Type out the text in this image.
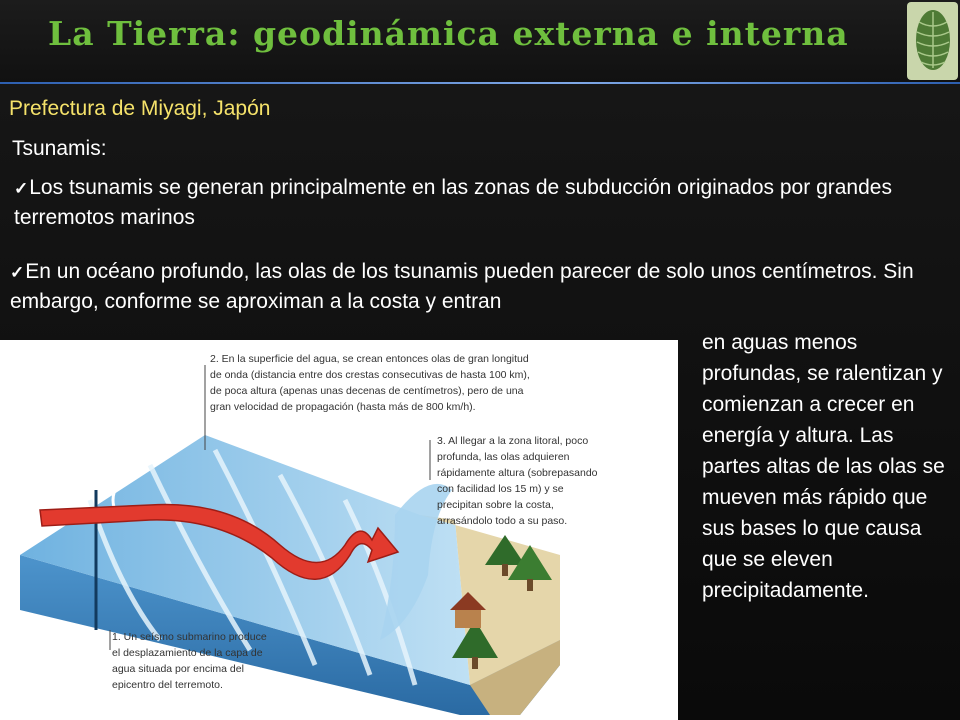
La Tierra: geodinámica externa e interna
Prefectura de Miyagi, Japón
Tsunamis:
✓Los tsunamis se generan principalmente en las zonas de subducción originados por grandes terremotos marinos
✓En un océano profundo, las olas de los tsunamis pueden parecer de solo unos centímetros. Sin embargo, conforme se aproximan a la costa y entran
en aguas menos profundas, se ralentizan y comienzan a crecer en energía y altura. Las partes altas de las olas se mueven más rápido que sus bases lo que causa que se eleven precipitadamente.
2. En la superficie del agua, se crean entonces olas de gran longitud de onda (distancia entre dos crestas consecutivas de hasta 100 km), de poca altura (apenas unas decenas de centímetros), pero de una gran velocidad de propagación (hasta más de 800 km/h).
3. Al llegar a la zona litoral, poco profunda, las olas adquieren rápidamente altura (sobrepasando con facilidad los 15 m) y se precipitan sobre la costa, arrasándolo todo a su paso.
1. Un seísmo submarino produce el desplazamiento de la capa de agua situada por encima del epicentro del terremoto.
